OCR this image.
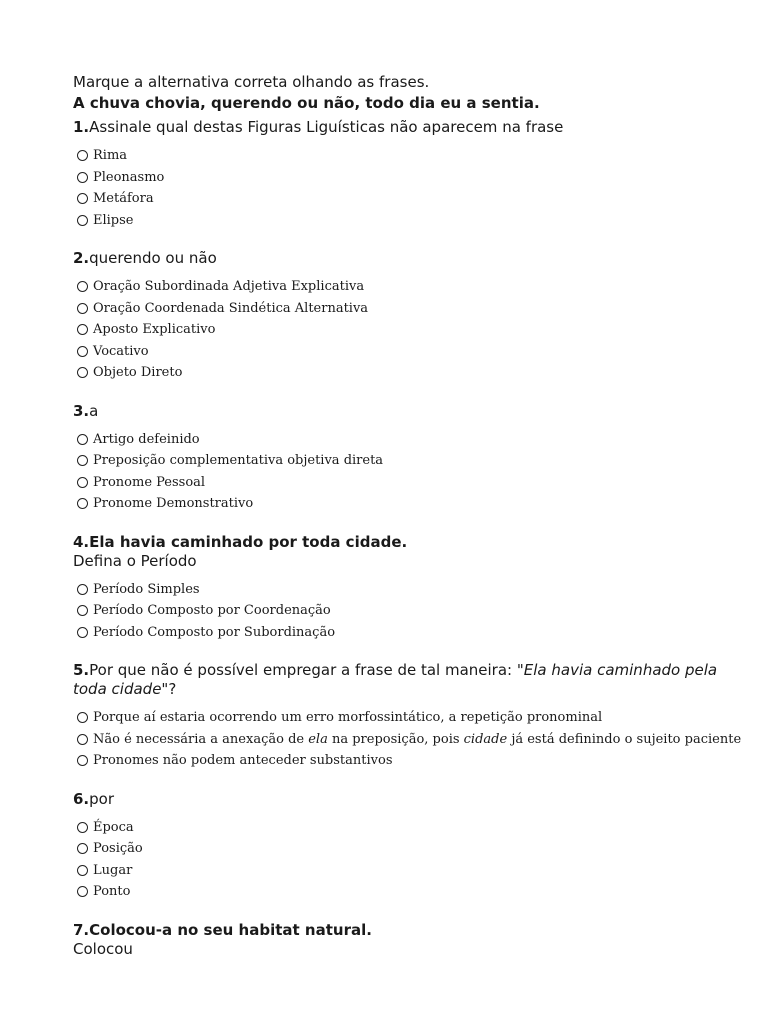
Marque a alternativa correta olhando as frases.

A chuva chovia, querendo ou não, todo dia eu a sentia.

1.Assinale qual destas Figuras Liguísticas não aparecem na frase

Rima
Pleonasmo
Metáfora
Elipse

2.querendo ou não

Oração Subordinada Adjetiva Explicativa
Oração Coordenada Sindética Alternativa
Aposto Explicativo
Vocativo
Objeto Direto

3.a

Artigo defeinido
Preposição complementativa objetiva direta
Pronome Pessoal
Pronome Demonstrativo

4.Ela havia caminhado por toda cidade.

Defina o Período

Período Simples
Período Composto por Coordenação
Período Composto por Subordinação

5.Por que não é possível empregar a frase de tal maneira: "Ela havia caminhado pela toda cidade"?

Porque aí estaria ocorrendo um erro morfossintático, a repetição pronominal
Não é necessária a anexação de ela na preposição, pois cidade já está definindo o sujeito paciente
Pronomes não podem anteceder substantivos

6.por

Época
Posição
Lugar
Ponto

7.Colocou-a no seu habitat natural.

Colocou
